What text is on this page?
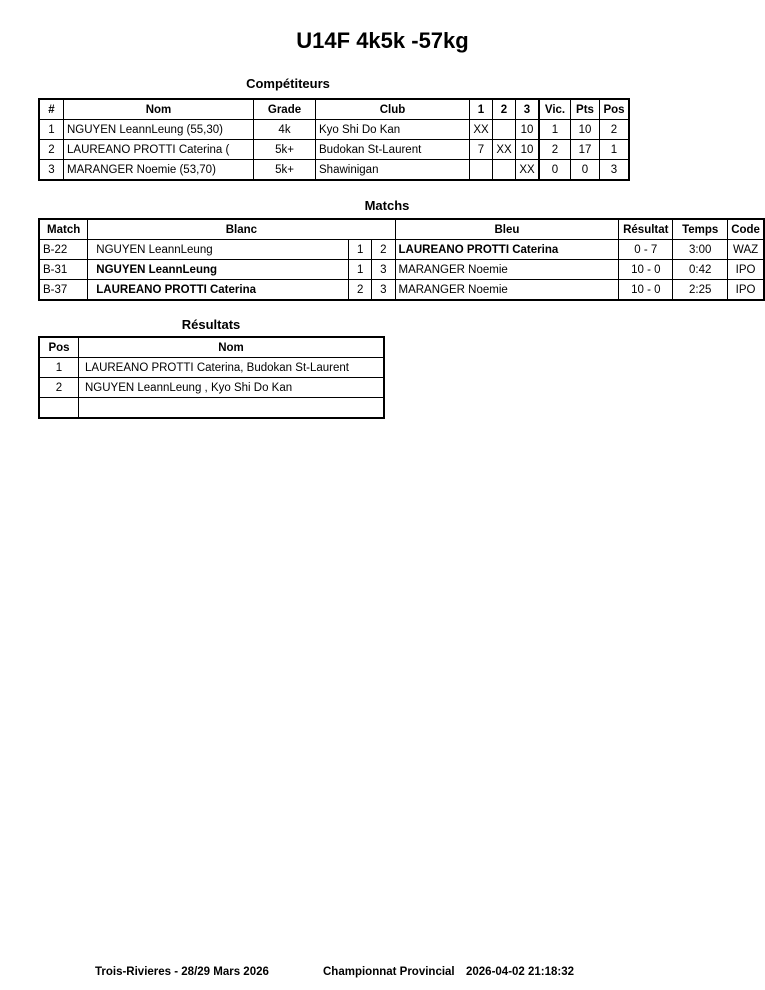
U14F 4k5k -57kg
Compétiteurs
#	Nom	Grade	Club	1	2	3	Vic.	Pts	Pos
1	NGUYEN LeannLeung (55,30)	4k	Kyo Shi Do Kan	XX		10	1	10	2
2	LAUREANO PROTTI Caterina (	5k+	Budokan St-Laurent	7	XX	10	2	17	1
3	MARANGER Noemie (53,70)	5k+	Shawinigan			XX	0	0	3
Matchs
Match	Blanc			Bleu	Résultat	Temps	Code
B-22	NGUYEN LeannLeung	1	2	LAUREANO PROTTI Caterina	0 - 7	3:00	WAZ
B-31	NGUYEN LeannLeung	1	3	MARANGER Noemie	10 - 0	0:42	IPO
B-37	LAUREANO PROTTI Caterina	2	3	MARANGER Noemie	10 - 0	2:25	IPO
Résultats
Pos	Nom
1	LAUREANO PROTTI Caterina, Budokan St-Laurent
2	NGUYEN LeannLeung , Kyo Shi Do Kan

Trois-Rivieres - 28/29 Mars 2026	Championnat Provincial 2026-04-02 21:18:32
